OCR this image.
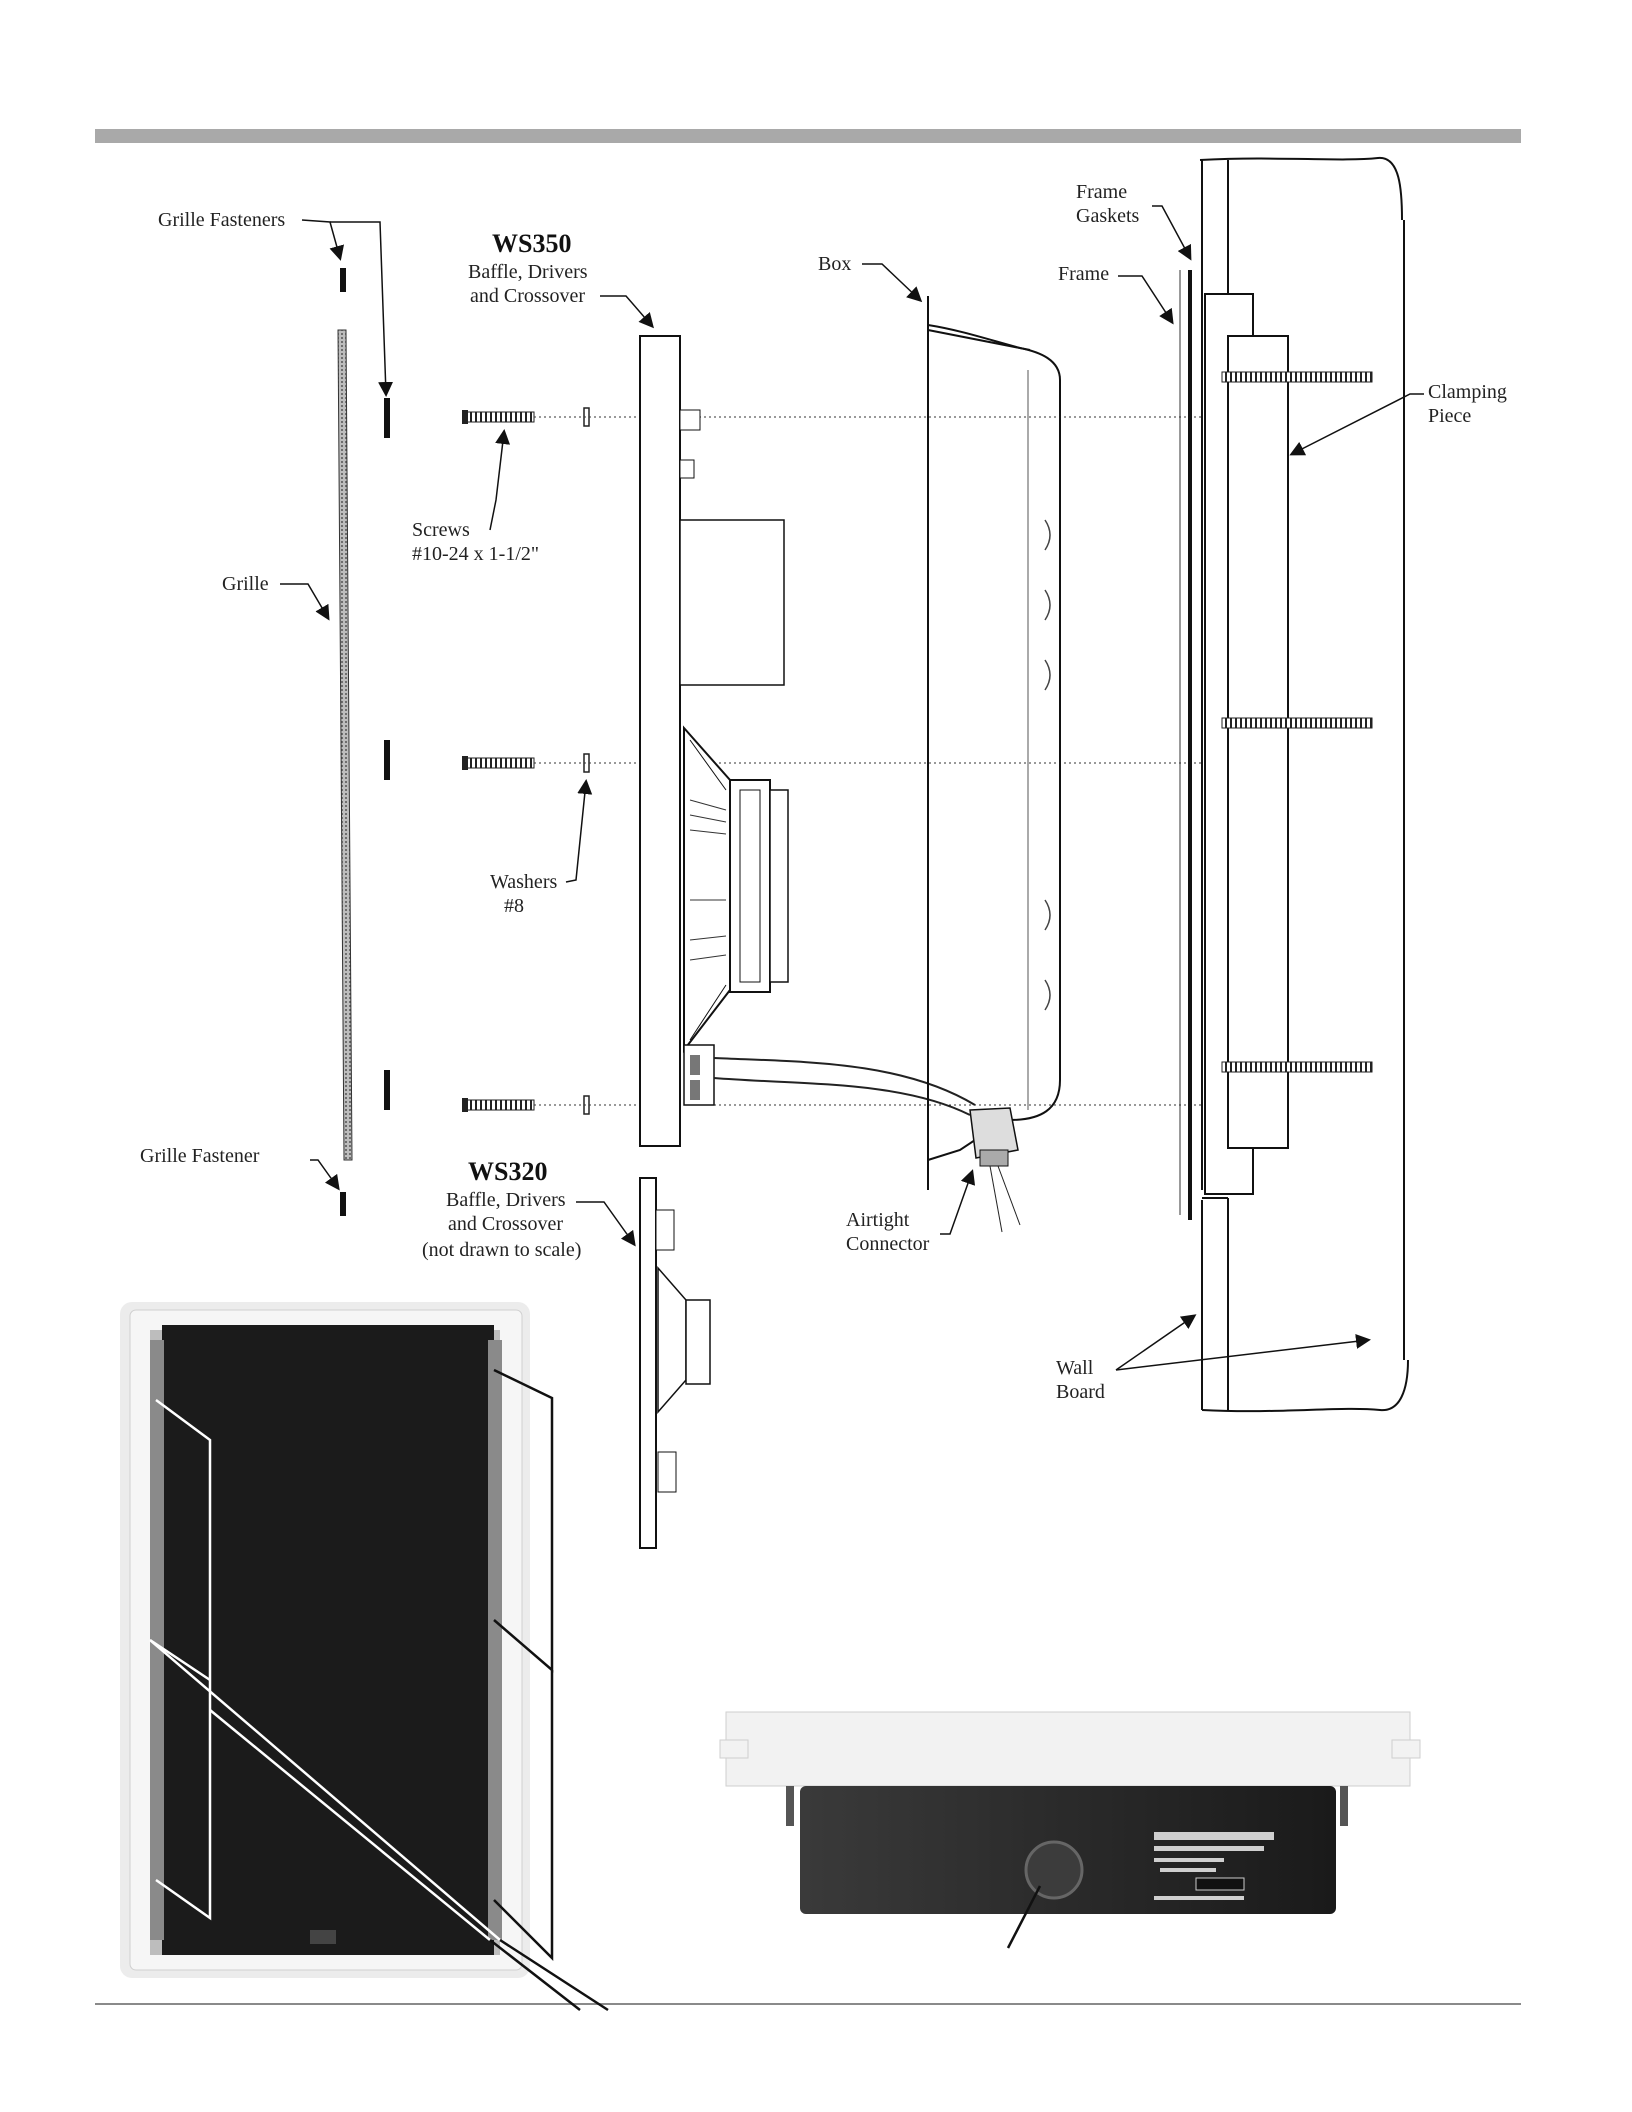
Grille Fasteners
Grille Fastener
Grille
Screws
#10-24 x 1-1/2"
Washers
#8
WS350
Baffle, Drivers
and Crossover
WS320
Baffle, Drivers
and Crossover
(not drawn to scale)
Box
Frame
Gaskets
Frame
Clamping
Piece
Airtight
Connector
Wall
Board
